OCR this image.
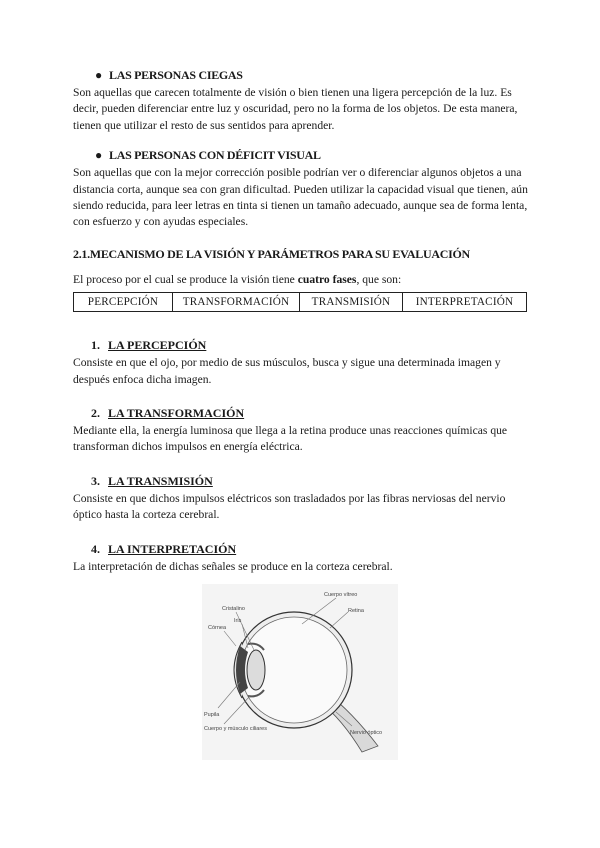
● LAS PERSONAS CIEGAS

Son aquellas que carecen totalmente de visión o bien tienen una ligera percepción de la luz. Es decir, pueden diferenciar entre luz y oscuridad, pero no la forma de los objetos. De esta manera, tienen que utilizar el resto de sus sentidos para aprender.

● LAS PERSONAS CON DÉFICIT VISUAL

Son aquellas que con la mejor corrección posible podrían ver o diferenciar algunos objetos a una distancia corta, aunque sea con gran dificultad. Pueden utilizar la capacidad visual que tienen, aún siendo reducida, para leer letras en tinta si tienen un tamaño adecuado, aunque sea de forma lenta, con esfuerzo y con ayudas especiales.

2.1.MECANISMO DE LA VISIÓN Y PARÁMETROS PARA SU EVALUACIÓN

El proceso por el cual se produce la visión tiene cuatro fases, que son:

PERCEPCIÓN	TRANSFORMACIÓN	TRANSMISIÓN	INTERPRETACIÓN
1. LA PERCEPCIÓN

Consiste en que el ojo, por medio de sus músculos, busca y sigue una determinada imagen y después enfoca dicha imagen.

2. LA TRANSFORMACIÓN

Mediante ella, la energía luminosa que llega a la retina produce unas reacciones químicas que transforman dichos impulsos en energía eléctrica.

3. LA TRANSMISIÓN

Consiste en que dichos impulsos eléctricos son trasladados por las fibras nerviosas del nervio óptico hasta la corteza cerebral.

4. LA INTERPRETACIÓN

La interpretación de dichas señales se produce en la corteza cerebral.

Cristalino
Iris
Córnea
Pupila
Cuerpo y músculo ciliares
Cuerpo vítreo
Retina
Nervio óptico
